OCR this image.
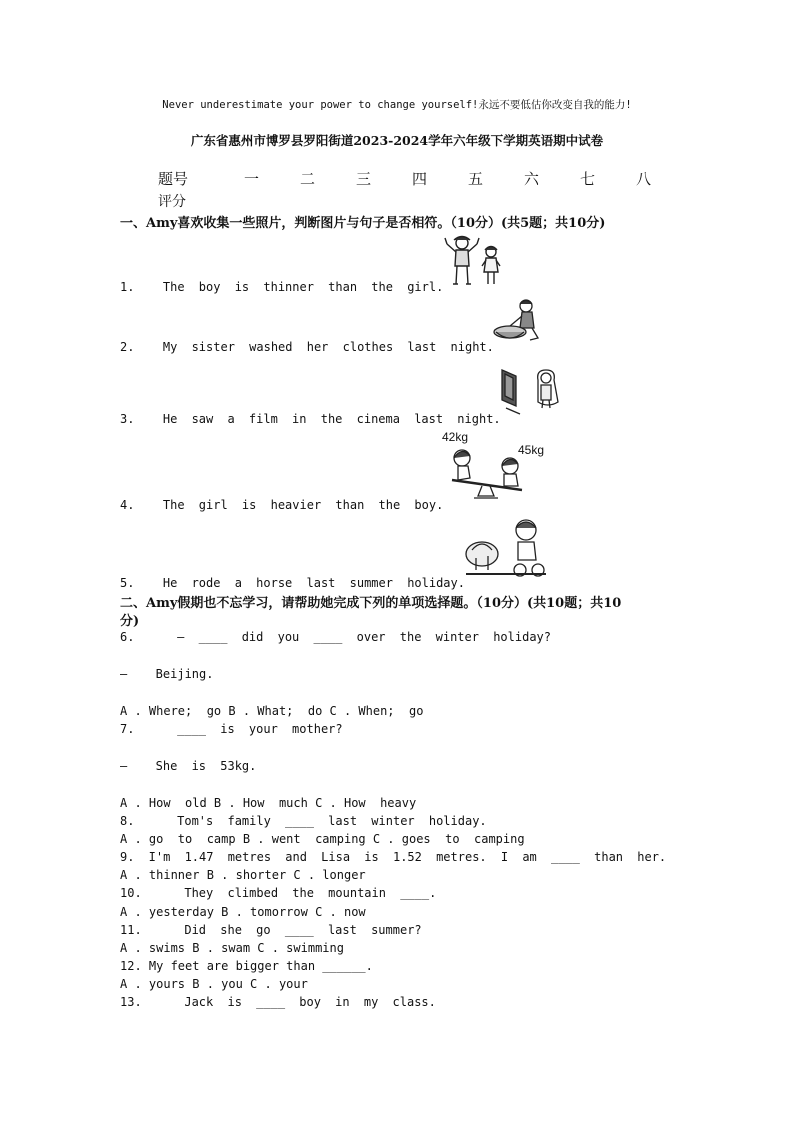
Never underestimate your power to change yourself!永远不要低估你改变自我的能力!
广东省惠州市博罗县罗阳街道2023-2024学年六年级下学期英语期中试卷
题号	一	二	三	四	五	六	七	八
评分
一、Amy喜欢收集一些照片，判断图片与句子是否相符。（10分）(共5题；共10分)
1.  The boy is thinner than the girl.
2.  My sister washed her clothes last night.
3.  He saw a film in the cinema last night.
4.  The girl is heavier than the boy.
5.  He rode a horse last summer holiday.
42kg
45kg
二、Amy假期也不忘学习，请帮助她完成下列的单项选择题。（10分）(共10题；共10
分)
6.   — ____ did you ____ over the winter holiday?
—  Beijing.
A . Where;  go B . What;  do C . When;  go
7.   ____ is your mother?
—  She is 53kg.
A . How  old B . How  much C . How  heavy
8.   Tom's family ____ last winter holiday.
A . go  to  camp B . went  camping C . goes  to  camping
9. I'm 1.47 metres and Lisa is 1.52 metres. I am ____ than her.
A . thinner B . shorter C . longer
10.   They climbed the mountain ____.
A . yesterday B . tomorrow C . now
11.   Did she go ____ last summer?
A . swims B . swam C . swimming
12. My feet are bigger than ______.
A . yours B . you C . your
13.   Jack is ____ boy in my class.
